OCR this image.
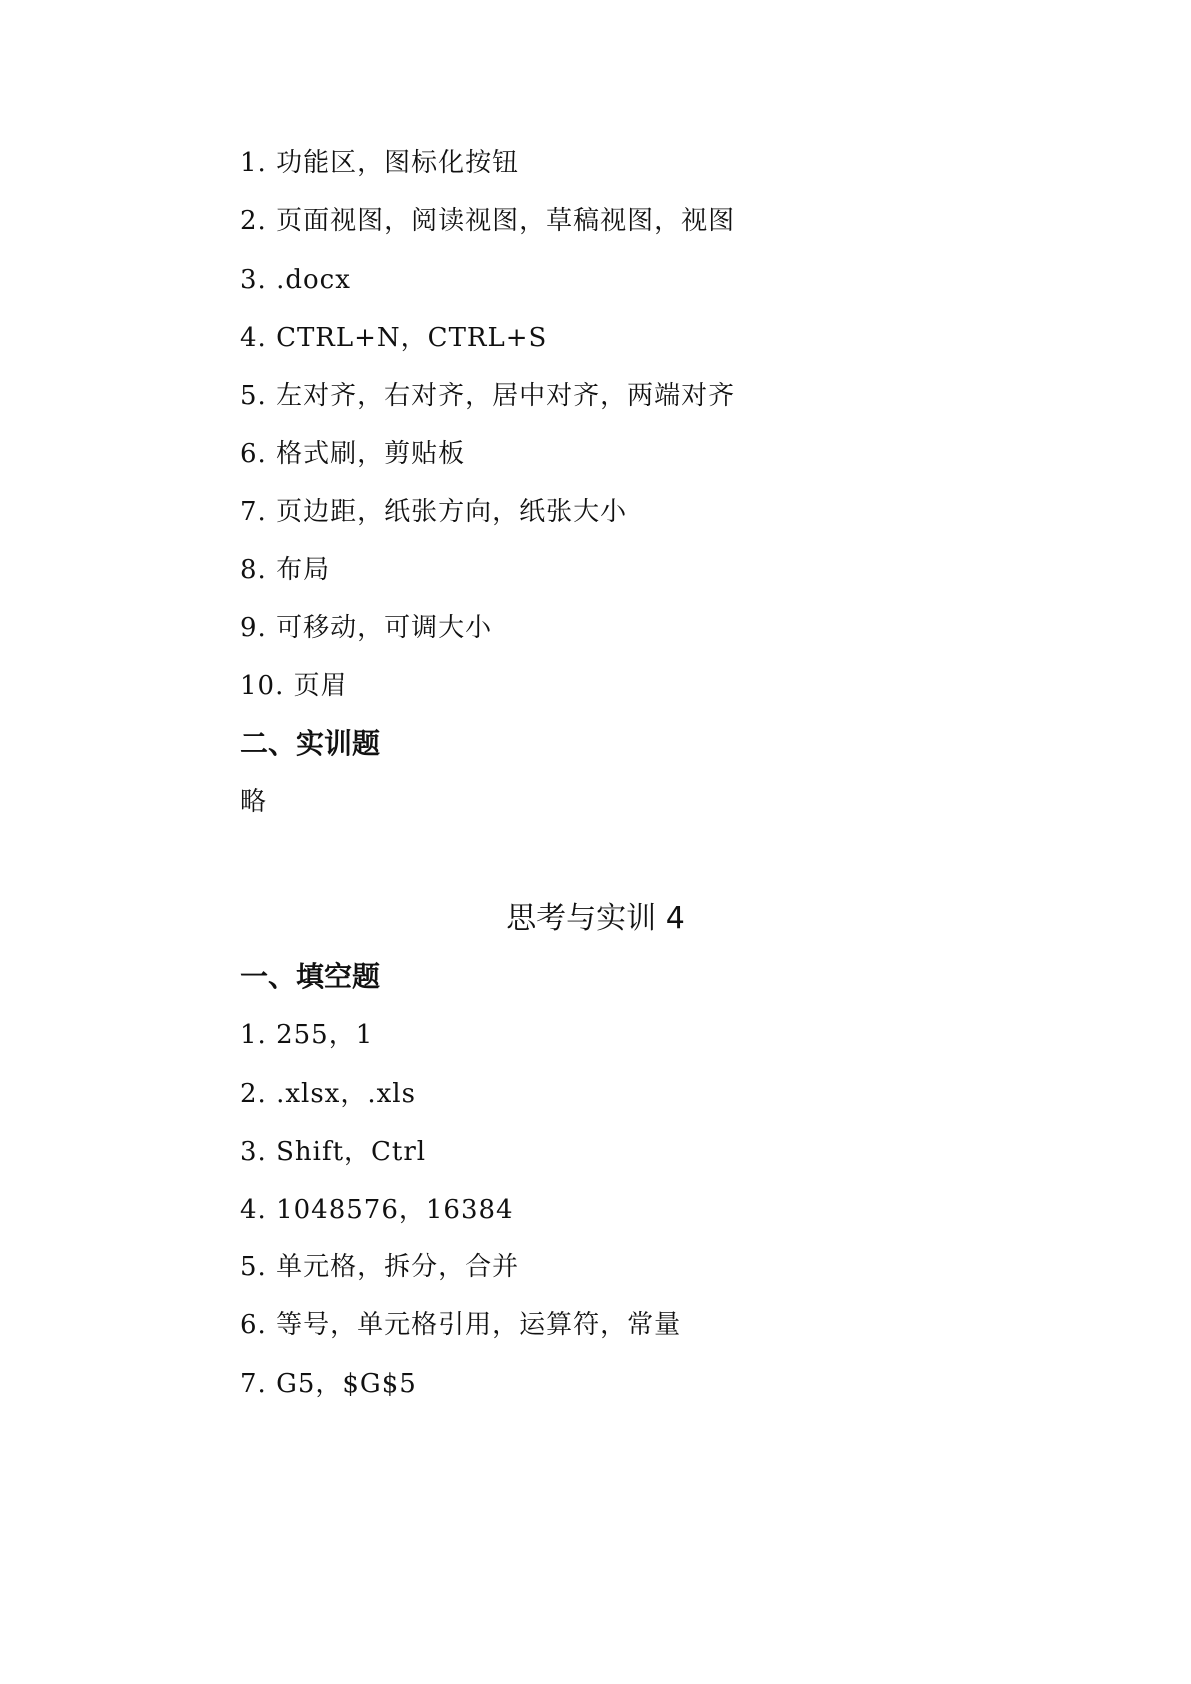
1. 功能区，图标化按钮
2. 页面视图，阅读视图，草稿视图，视图
3. .docx
4. CTRL+N，CTRL+S
5. 左对齐，右对齐，居中对齐，两端对齐
6. 格式刷，剪贴板
7. 页边距，纸张方向，纸张大小
8. 布局
9. 可移动，可调大小
10. 页眉
二、实训题
略
思考与实训 4
一、填空题
1. 255，1
2. .xlsx，.xls
3. Shift，Ctrl
4. 1048576，16384
5. 单元格，拆分，合并
6. 等号，单元格引用，运算符，常量
7. G5，$G$5
